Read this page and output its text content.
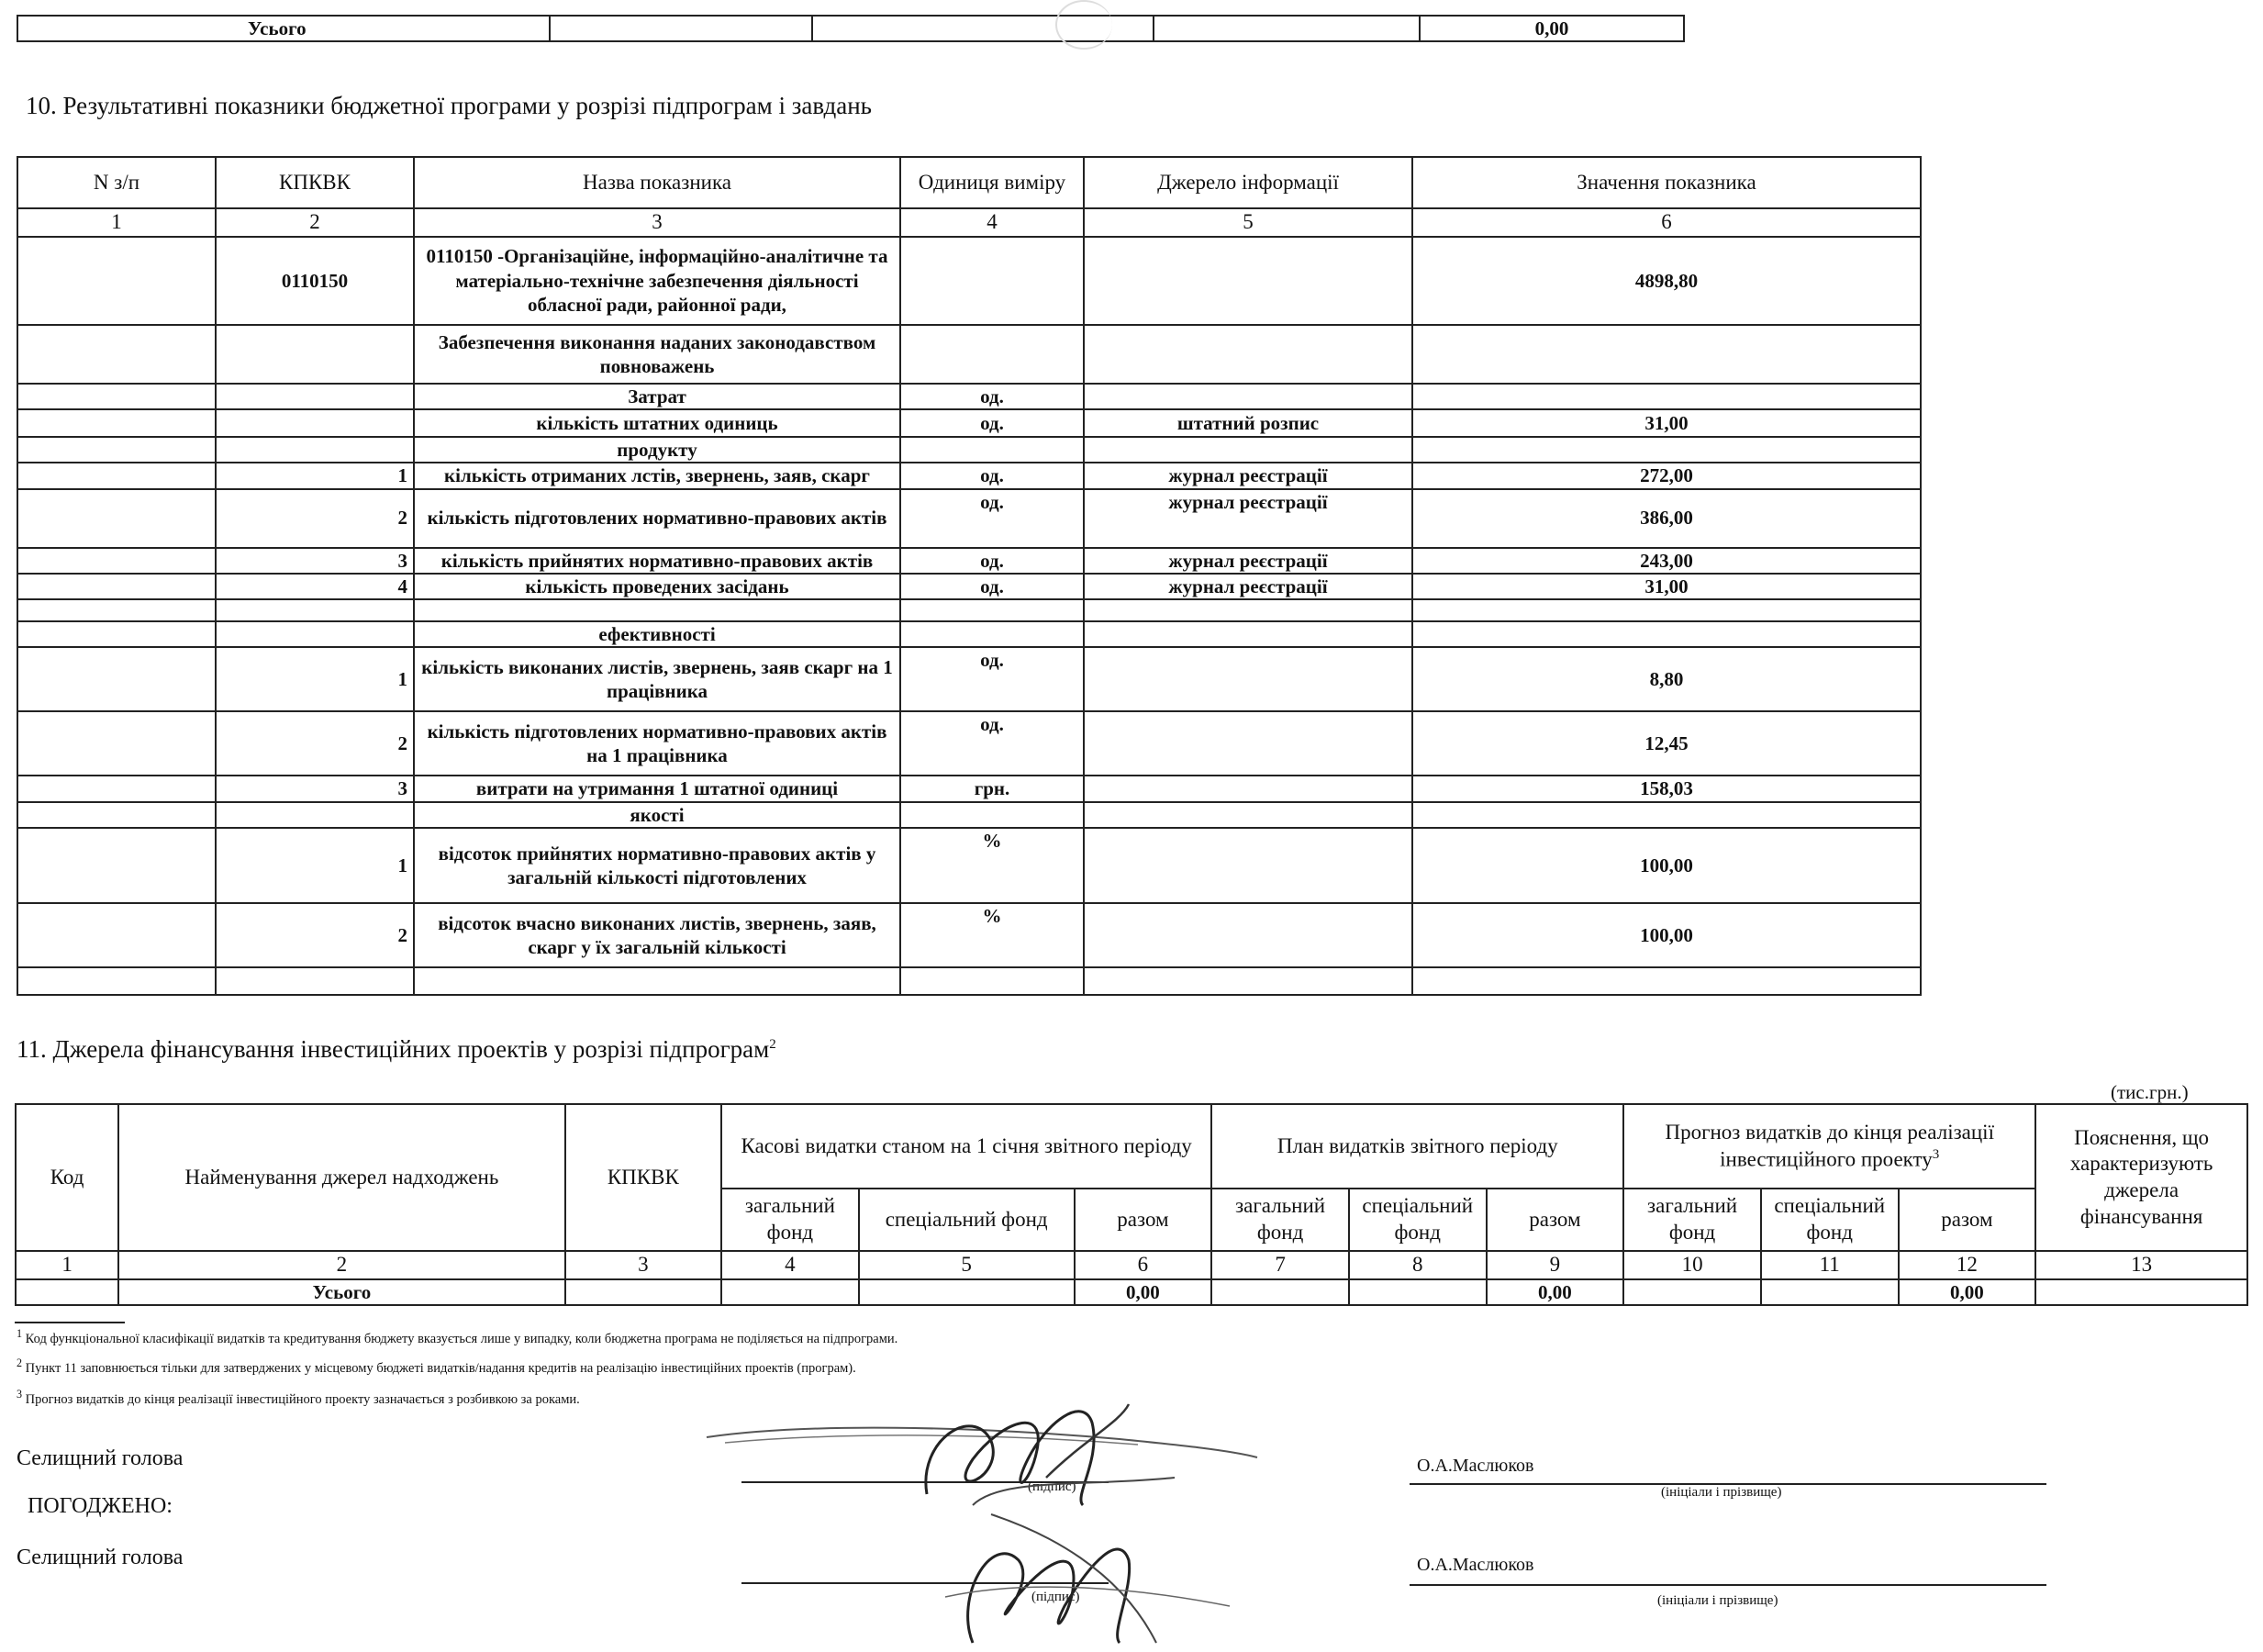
Усього				0,00
10. Результативні показники бюджетної програми у розрізі підпрограм і завдань
N з/п	КПКВК	Назва показника	Одиниця виміру	Джерело інформації	Значення показника
1	2	3	4	5	6
	0110150	0110150 -Організаційне, інформаційно-аналітичне та матеріально-технічне забезпечення діяльності обласної ради, районної ради,			4898,80
		Забезпечення виконання наданих законодавством повноважень			
		Затрат	од.		
		кількість штатних одиниць	од.	штатний розпис	31,00
		продукту			
	1	кількість отриманих лстів, звернень, заяв, скарг	од.	журнал реєстрації	272,00
	2	кількість підготовлених нормативно-правових актів	од.	журнал реєстрації	386,00
	3	кількість прийнятих нормативно-правових актів	од.	журнал реєстрації	243,00
	4	кількість проведених засідань	од.	журнал реєстрації	31,00

		ефективності			
	1	кількість виконаних листів, звернень, заяв скарг на 1 працівника	од.		8,80
	2	кількість підготовлених нормативно-правових актів на 1 працівника	од.		12,45
	3	витрати на утримання 1 штатної одиниці	грн.		158,03
		якості			
	1	відсоток прийнятих нормативно-правових актів у загальній кількості підготовлених	%		100,00
	2	відсоток вчасно виконаних листів, звернень, заяв, скарг у їх загальній кількості	%		100,00

11. Джерела фінансування інвестиційних проектів у розрізі підпрограм$^2$
(тис.грн.)
Код	Найменування джерел надходжень	КПКВК	Касові видатки станом на 1 січня звітного періоду			План видатків звітного періоду			Прогноз видатків до кінця реалізації інвестиційного проекту$^3$			Пояснення, що характеризують джерела фінансування
			загальний фонд	спеціальний фонд	разом	загальний фонд	спеціальний фонд	разом	загальний фонд	спеціальний фонд	разом	
1	2	3	4	5	6	7	8	9	10	11	12	13
	Усього				0,00			0,00			0,00	
$^1$ Код функціональної класифікації видатків та кредитування бюджету вказується лише у випадку, коли бюджетна програма не поділяється на підпрограми.
$^2$ Пункт 11 заповнюється тільки для затверджених у місцевому бюджеті видатків/надання кредитів на реалізацію інвестиційних проектів (програм).
$^3$ Прогноз видатків до кінця реалізації інвестиційного проекту зазначається з розбивкою за роками.
Селищний голова
(підпис)
О.А.Маслюков
(ініціали і прізвище)
ПОГОДЖЕНО:
Селищний голова
(підпис)
О.А.Маслюков
(ініціали і прізвище)
